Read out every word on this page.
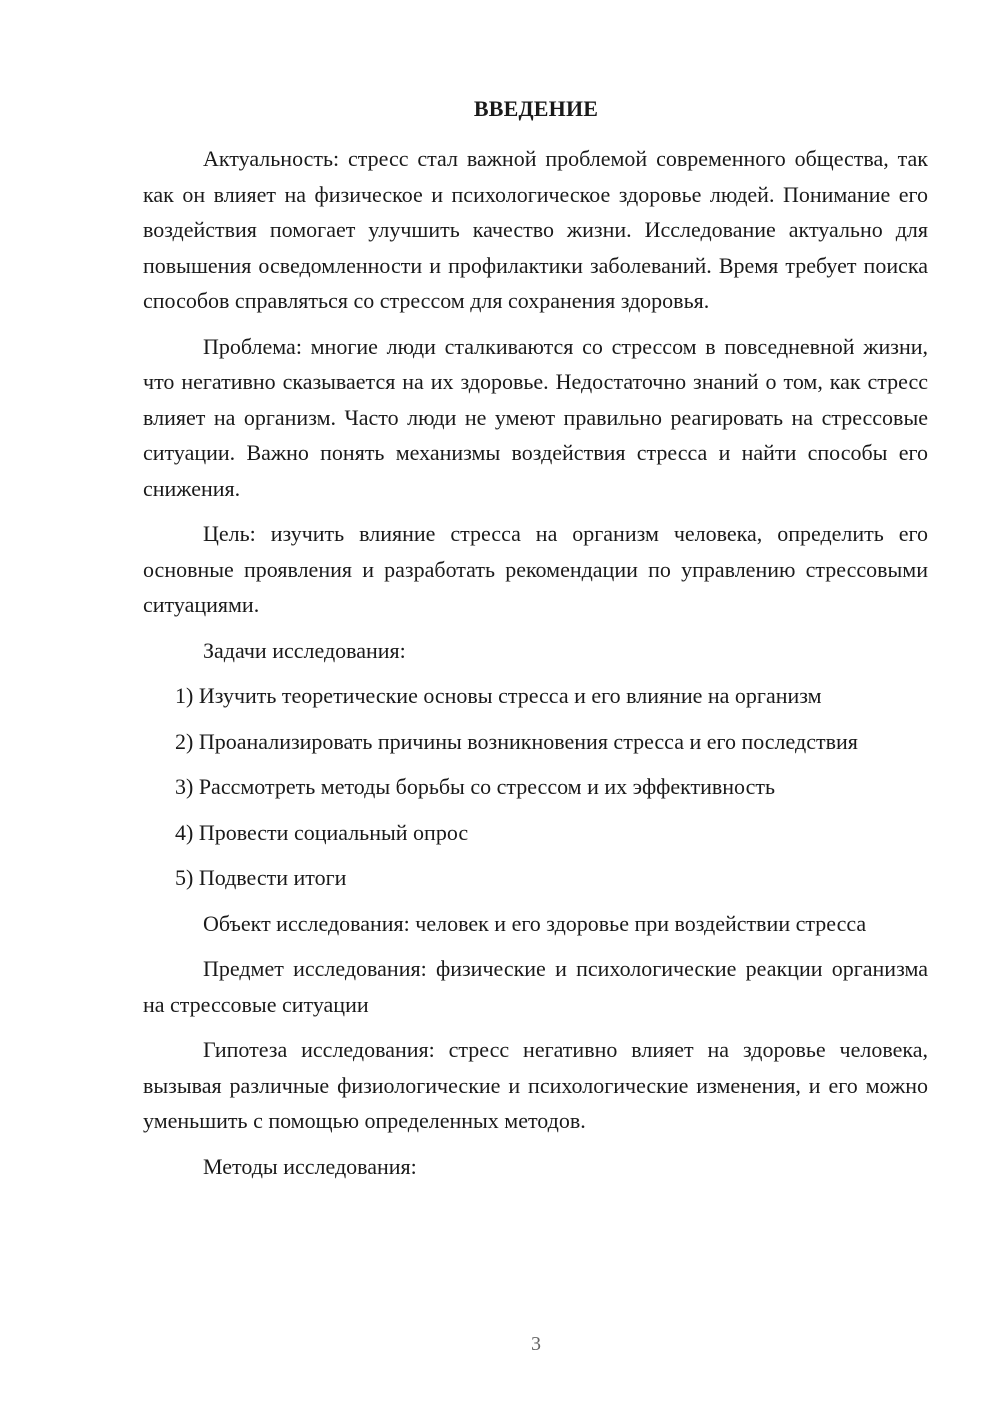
ВВЕДЕНИЕ

Актуальность: стресс стал важной проблемой современного общества, так как он влияет на физическое и психологическое здоровье людей. Понимание его воздействия помогает улучшить качество жизни. Исследование актуально для повышения осведомленности и профилактики заболеваний. Время требует поиска способов справляться со стрессом для сохранения здоровья.

Проблема: многие люди сталкиваются со стрессом в повседневной жизни, что негативно сказывается на их здоровье. Недостаточно знаний о том, как стресс влияет на организм. Часто люди не умеют правильно реагировать на стрессовые ситуации. Важно понять механизмы воздействия стресса и найти способы его снижения.

Цель: изучить влияние стресса на организм человека, определить его основные проявления и разработать рекомендации по управлению стрессовыми ситуациями.

Задачи исследования:

1) Изучить теоретические основы стресса и его влияние на организм

2) Проанализировать причины возникновения стресса и его последствия

3) Рассмотреть методы борьбы со стрессом и их эффективность

4) Провести социальный опрос

5) Подвести итоги

Объект исследования: человек и его здоровье при воздействии стресса

Предмет исследования: физические и психологические реакции организма на стрессовые ситуации

Гипотеза исследования: стресс негативно влияет на здоровье человека, вызывая различные физиологические и психологические изменения, и его можно уменьшить с помощью определенных методов.

Методы исследования:

3
